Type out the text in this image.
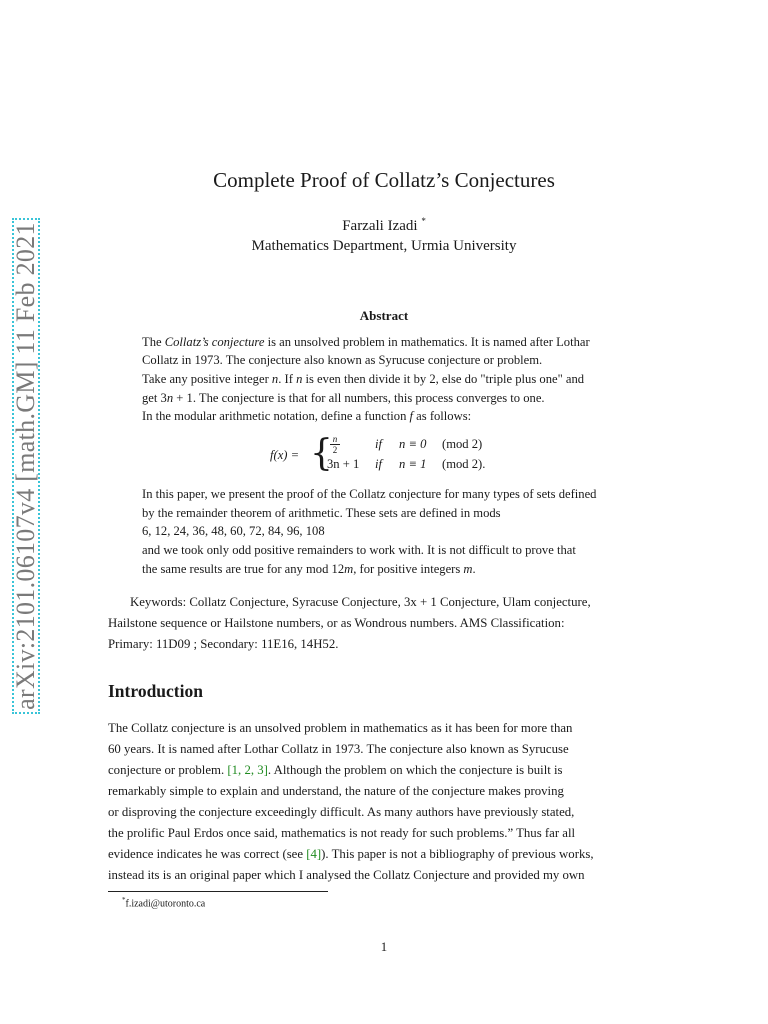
arXiv:2101.06107v4 [math.GM] 11 Feb 2021
Complete Proof of Collatz’s Conjectures
Farzali Izadi *
Mathematics Department, Urmia University
Abstract
The Collatz’s conjecture is an unsolved problem in mathematics. It is named after Lothar
Collatz in 1973. The conjecture also known as Syrucuse conjecture or problem.
Take any positive integer n. If n is even then divide it by 2, else do "triple plus one" and
get 3n + 1. The conjecture is that for all numbers, this process converges to one.
In the modular arithmetic notation, define a function f as follows:
f(x) = { n
2	if n ≡ 0 (mod 2)
3n + 1 if n ≡ 1 (mod 2).
In this paper, we present the proof of the Collatz conjecture for many types of sets defined
by the remainder theorem of arithmetic. These sets are defined in mods
6, 12, 24, 36, 48, 60, 72, 84, 96, 108
and we took only odd positive remainders to work with. It is not difficult to prove that
the same results are true for any mod 12m, for positive integers m.
Keywords: Collatz Conjecture, Syracuse Conjecture, 3x + 1 Conjecture, Ulam conjecture,
Hailstone sequence or Hailstone numbers, or as Wondrous numbers. AMS Classification:
Primary: 11D09 ; Secondary: 11E16, 14H52.
Introduction
The Collatz conjecture is an unsolved problem in mathematics as it has been for more than
60 years. It is named after Lothar Collatz in 1973. The conjecture also known as Syrucuse
conjecture or problem. [1, 2, 3]. Although the problem on which the conjecture is built is
remarkably simple to explain and understand, the nature of the conjecture makes proving
or disproving the conjecture exceedingly difficult. As many authors have previously stated,
the prolific Paul Erdos once said, mathematics is not ready for such problems.” Thus far all
evidence indicates he was correct (see [4]). This paper is not a bibliography of previous works,
instead its is an original paper which I analysed the Collatz Conjecture and provided my own
*f.izadi@utoronto.ca
1
